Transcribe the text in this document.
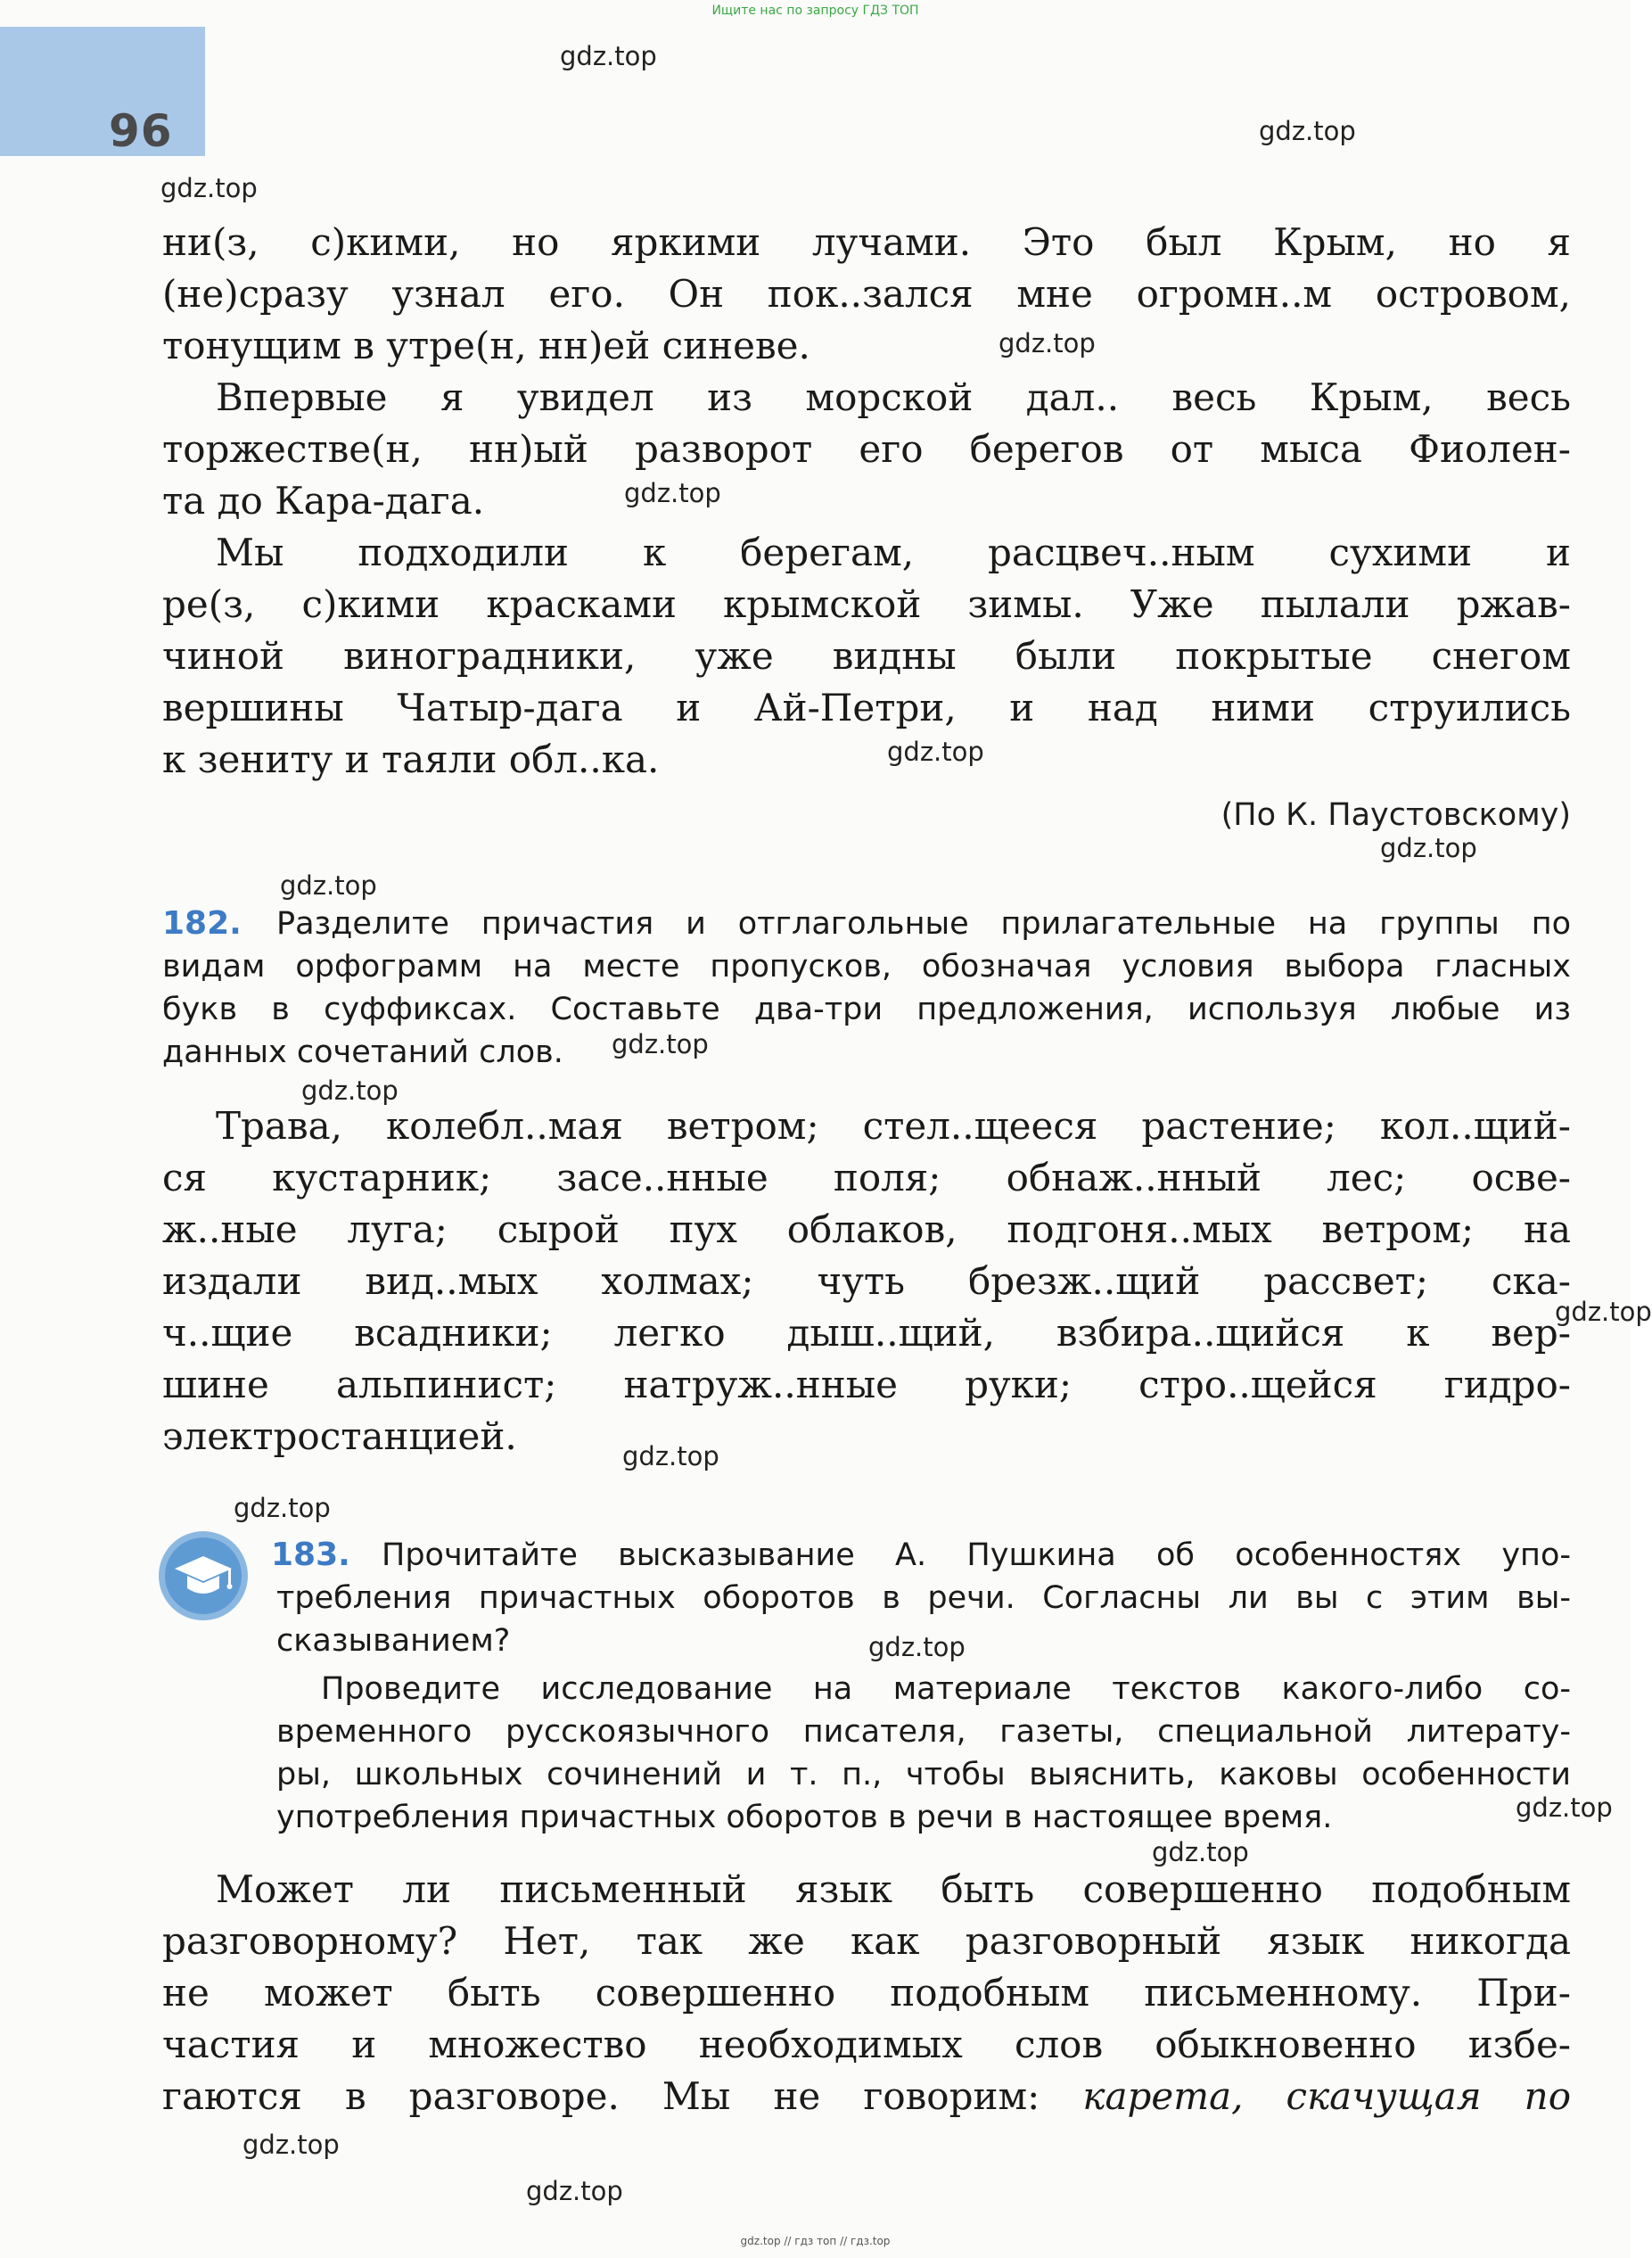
Ищите нас по запросу ГДЗ ТОП
96
gdz.top
gdz.top
gdz.top
gdz.top
gdz.top
gdz.top
gdz.top
gdz.top
gdz.top
gdz.top
gdz.top
gdz.top
gdz.top
gdz.top
gdz.top
gdz.top
gdz.top
gdz.top
ни(з, с)кими, но яркими лучами. Это был Крым, но я
(не)сразу узнал его. Он пок..зался мне огромн..м островом,
тонущим в утре(н, нн)ей синеве.
Впервые я увидел из морской дал.. весь Крым, весь
торжестве(н, нн)ый разворот его берегов от мыса Фиолен-
та до Кара-дага.
Мы подходили к берегам, расцвеч..ным сухими и
ре(з, с)кими красками крымской зимы. Уже пылали ржав-
чиной виноградники, уже видны были покрытые снегом
вершины Чатыр-дага и Ай-Петри, и над ними струились
к зениту и таяли обл..ка.
(По К. Паустовскому)
182. Разделите причастия и отглагольные прилагательные на группы по
видам орфограмм на месте пропусков, обозначая условия выбора гласных
букв в суффиксах. Составьте два-три предложения, используя любые из
данных сочетаний слов.
Трава, колебл..мая ветром; стел..щееся растение; кол..щий-
ся кустарник; засе..нные поля; обнаж..нный лес; осве-
ж..ные луга; сырой пух облаков, подгоня..мых ветром; на
издали вид..мых холмах; чуть брезж..щий рассвет; ска-
ч..щие всадники; легко дыш..щий, взбира..щийся к вер-
шине альпинист; натруж..нные руки; стро..щейся гидро-
электростанцией.
183. Прочитайте высказывание А. Пушкина об особенностях упо-
требления причастных оборотов в речи. Согласны ли вы с этим вы-
сказыванием?
Проведите исследование на материале текстов какого-либо со-
временного русскоязычного писателя, газеты, специальной литерату-
ры, школьных сочинений и т. п., чтобы выяснить, каковы особенности
употребления причастных оборотов в речи в настоящее время.
Может ли письменный язык быть совершенно подобным
разговорному? Нет, так же как разговорный язык никогда
не может быть совершенно подобным письменному. При-
частия и множество необходимых слов обыкновенно избе-
гаются в разговоре. Мы не говорим: карета, скачущая по
gdz.top // гдз топ // гдз.top
